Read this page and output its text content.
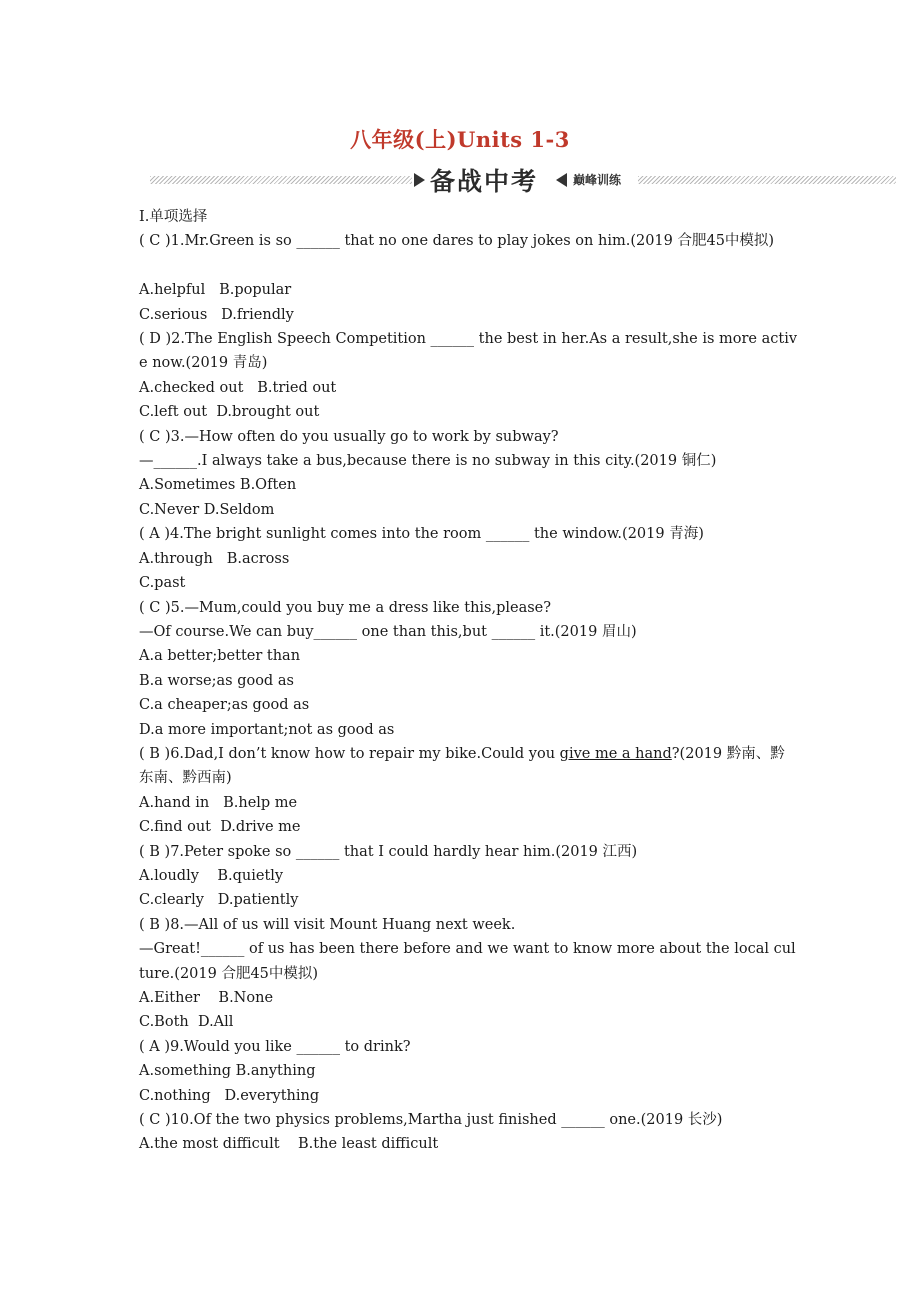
八年级(上)Units 1-3
备战中考	巅峰训练
Ⅰ.单项选择
( C )1.Mr.Green is so ______ that no one dares to play jokes on him.(2019 合肥45中模拟)

A.helpful   B.popular
C.serious   D.friendly
( D )2.The English Speech Competition ______ the best in her.As a result,she is more active now.(2019 青岛)
A.checked out   B.tried out
C.left out  D.brought out
( C )3.—How often do you usually go to work by subway?
—______.I always take a bus,because there is no subway in this city.(2019 铜仁)
A.Sometimes B.Often
C.Never D.Seldom
( A )4.The bright sunlight comes into the room ______ the window.(2019 青海)
A.through   B.across
C.past
( C )5.—Mum,could you buy me a dress like this,please?
—Of course.We can buy______ one than this,but ______ it.(2019 眉山)
A.a better;better than
B.a worse;as good as
C.a cheaper;as good as
D.a more important;not as good as
( B )6.Dad,I don’t know how to repair my bike.Could you give me a hand?(2019 黔南、黔东南、黔西南)
A.hand in   B.help me
C.find out  D.drive me
( B )7.Peter spoke so ______ that I could hardly hear him.(2019 江西)
A.loudly    B.quietly
C.clearly   D.patiently
( B )8.—All of us will visit Mount Huang next week.
—Great!______ of us has been there before and we want to know more about the local culture.(2019 合肥45中模拟)
A.Either    B.None
C.Both  D.All
( A )9.Would you like ______ to drink?
A.something B.anything
C.nothing   D.everything
( C )10.Of the two physics problems,Martha just finished ______ one.(2019 长沙)
A.the most difficult    B.the least difficult
